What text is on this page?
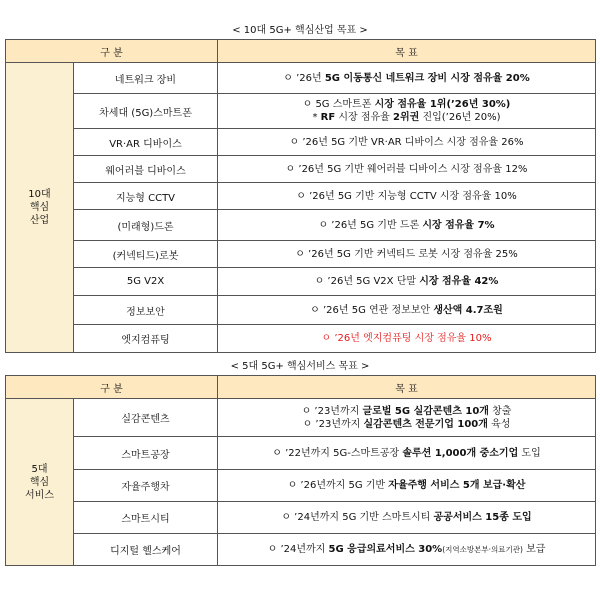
< 10대 5G+ 핵심산업 목표 >
구 분		목 표

10대
핵심
산업	네트워크 장비	ㅇ ’26년 5G 이동통신 네트워크 장비 시장 점유율 20%

	차세대 (5G)스마트폰	ㅇ 5G 스마트폰 시장 점유율 1위(’26년 30%)
* RF 시장 점유율 2위권 진입(’26년 20%)

	VR·AR 디바이스	ㅇ ’26년 5G 기반 VR·AR 디바이스 시장 점유율 26%

	웨어러블 디바이스	ㅇ ’26년 5G 기반 웨어러블 디바이스 시장 점유율 12%

	지능형 CCTV	ㅇ ’26년 5G 기반 지능형 CCTV 시장 점유율 10%

	(미래형)드론	ㅇ ’26년 5G 기반 드론 시장 점유율 7%

	(커넥티드)로봇	ㅇ ’26년 5G 기반 커넥티드 로봇 시장 점유율 25%

	5G V2X	ㅇ ’26년 5G V2X 단말 시장 점유율 42%

	정보보안	ㅇ ’26년 5G 연관 정보보안 생산액 4.7조원

	엣지컴퓨팅	ㅇ ’26년 엣지컴퓨팅 시장 점유율 10%
< 5대 5G+ 핵심서비스 목표 >
구 분		목 표

5대
핵심
서비스	실감콘텐츠	ㅇ ’23년까지 글로벌 5G 실감콘텐츠 10개 창출
ㅇ ’23년까지 실감콘텐츠 전문기업 100개 육성

	스마트공장	ㅇ ’22년까지 5G-스마트공장 솔루션 1,000개 중소기업 도입

	자율주행차	ㅇ ’26년까지 5G 기반 자율주행 서비스 5개 보급·확산

	스마트시티	ㅇ ’24년까지 5G 기반 스마트시티 공공서비스 15종 도입

	디지털 헬스케어	ㅇ ’24년까지 5G 응급의료서비스 30%(지역소방본부·의료기관) 보급
